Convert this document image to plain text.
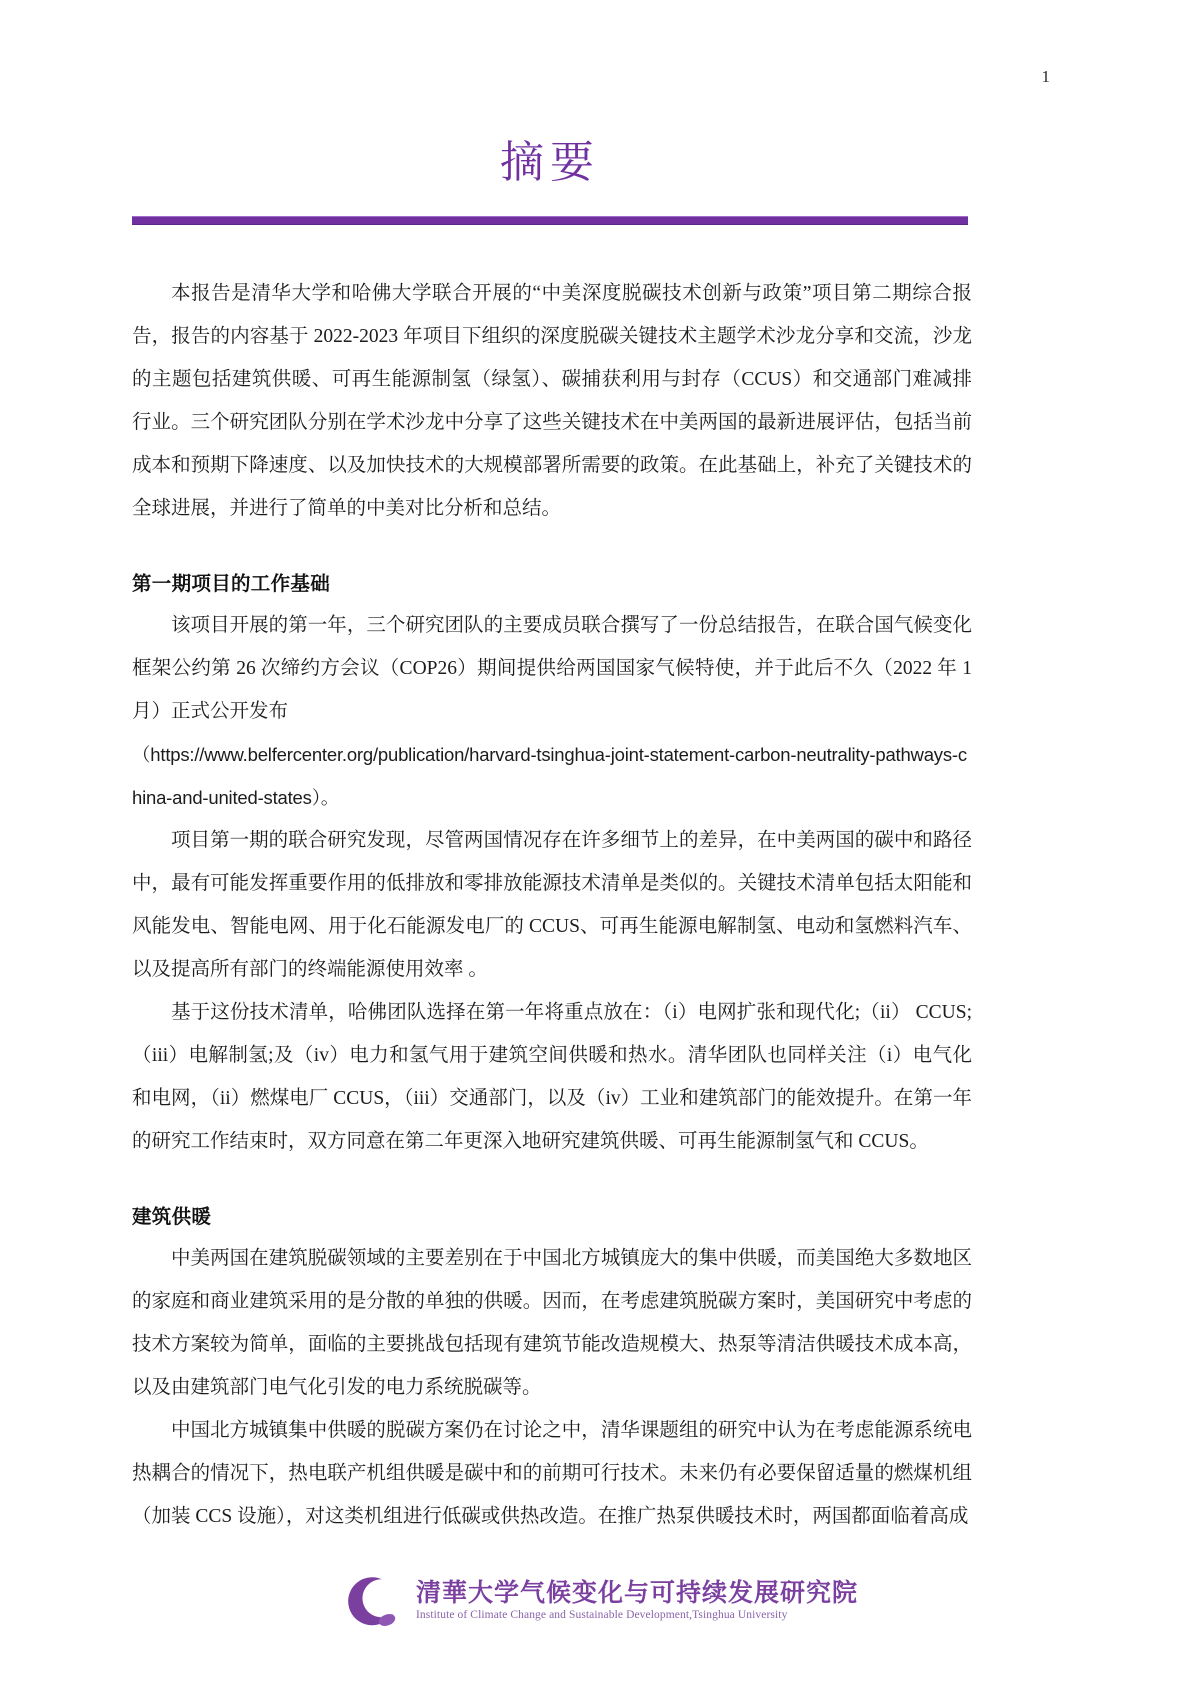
1
摘要

本报告是清华大学和哈佛大学联合开展的“中美深度脱碳技术创新与政策”项目第二期综合报告，报告的内容基于 2022-2023 年项目下组织的深度脱碳关键技术主题学术沙龙分享和交流，沙龙的主题包括建筑供暖、可再生能源制氢（绿氢）、碳捕获利用与封存（CCUS）和交通部门难减排行业。三个研究团队分别在学术沙龙中分享了这些关键技术在中美两国的最新进展评估，包括当前成本和预期下降速度、以及加快技术的大规模部署所需要的政策。在此基础上，补充了关键技术的全球进展，并进行了简单的中美对比分析和总结。

第一期项目的工作基础

该项目开展的第一年，三个研究团队的主要成员联合撰写了一份总结报告，在联合国气候变化框架公约第 26 次缔约方会议（COP26）期间提供给两国国家气候特使，并于此后不久（2022 年 1 月）正式公开发布

（https://www.belfercenter.org/publication/harvard-tsinghua-joint-statement-carbon-neutrality-pathways-china-and-united-states）。

项目第一期的联合研究发现，尽管两国情况存在许多细节上的差异，在中美两国的碳中和路径中，最有可能发挥重要作用的低排放和零排放能源技术清单是类似的。关键技术清单包括太阳能和风能发电、智能电网、用于化石能源发电厂的 CCUS、可再生能源电解制氢、电动和氢燃料汽车、以及提高所有部门的终端能源使用效率 。

基于这份技术清单，哈佛团队选择在第一年将重点放在：（i）电网扩张和现代化;（ii） CCUS;（iii）电解制氢;及（iv）电力和氢气用于建筑空间供暖和热水。清华团队也同样关注（i）电气化和电网，（ii）燃煤电厂 CCUS，（iii）交通部门，以及（iv）工业和建筑部门的能效提升。在第一年的研究工作结束时，双方同意在第二年更深入地研究建筑供暖、可再生能源制氢气和 CCUS。

建筑供暖

中美两国在建筑脱碳领域的主要差别在于中国北方城镇庞大的集中供暖，而美国绝大多数地区的家庭和商业建筑采用的是分散的单独的供暖。因而，在考虑建筑脱碳方案时，美国研究中考虑的技术方案较为简单，面临的主要挑战包括现有建筑节能改造规模大、热泵等清洁供暖技术成本高，以及由建筑部门电气化引发的电力系统脱碳等。

中国北方城镇集中供暖的脱碳方案仍在讨论之中，清华课题组的研究中认为在考虑能源系统电热耦合的情况下，热电联产机组供暖是碳中和的前期可行技术。未来仍有必要保留适量的燃煤机组（加装 CCS 设施），对这类机组进行低碳或供热改造。在推广热泵供暖技术时，两国都面临着高成

清華大学气候变化与可持续发展研究院
Institute of Climate Change and Sustainable Development,Tsinghua University
